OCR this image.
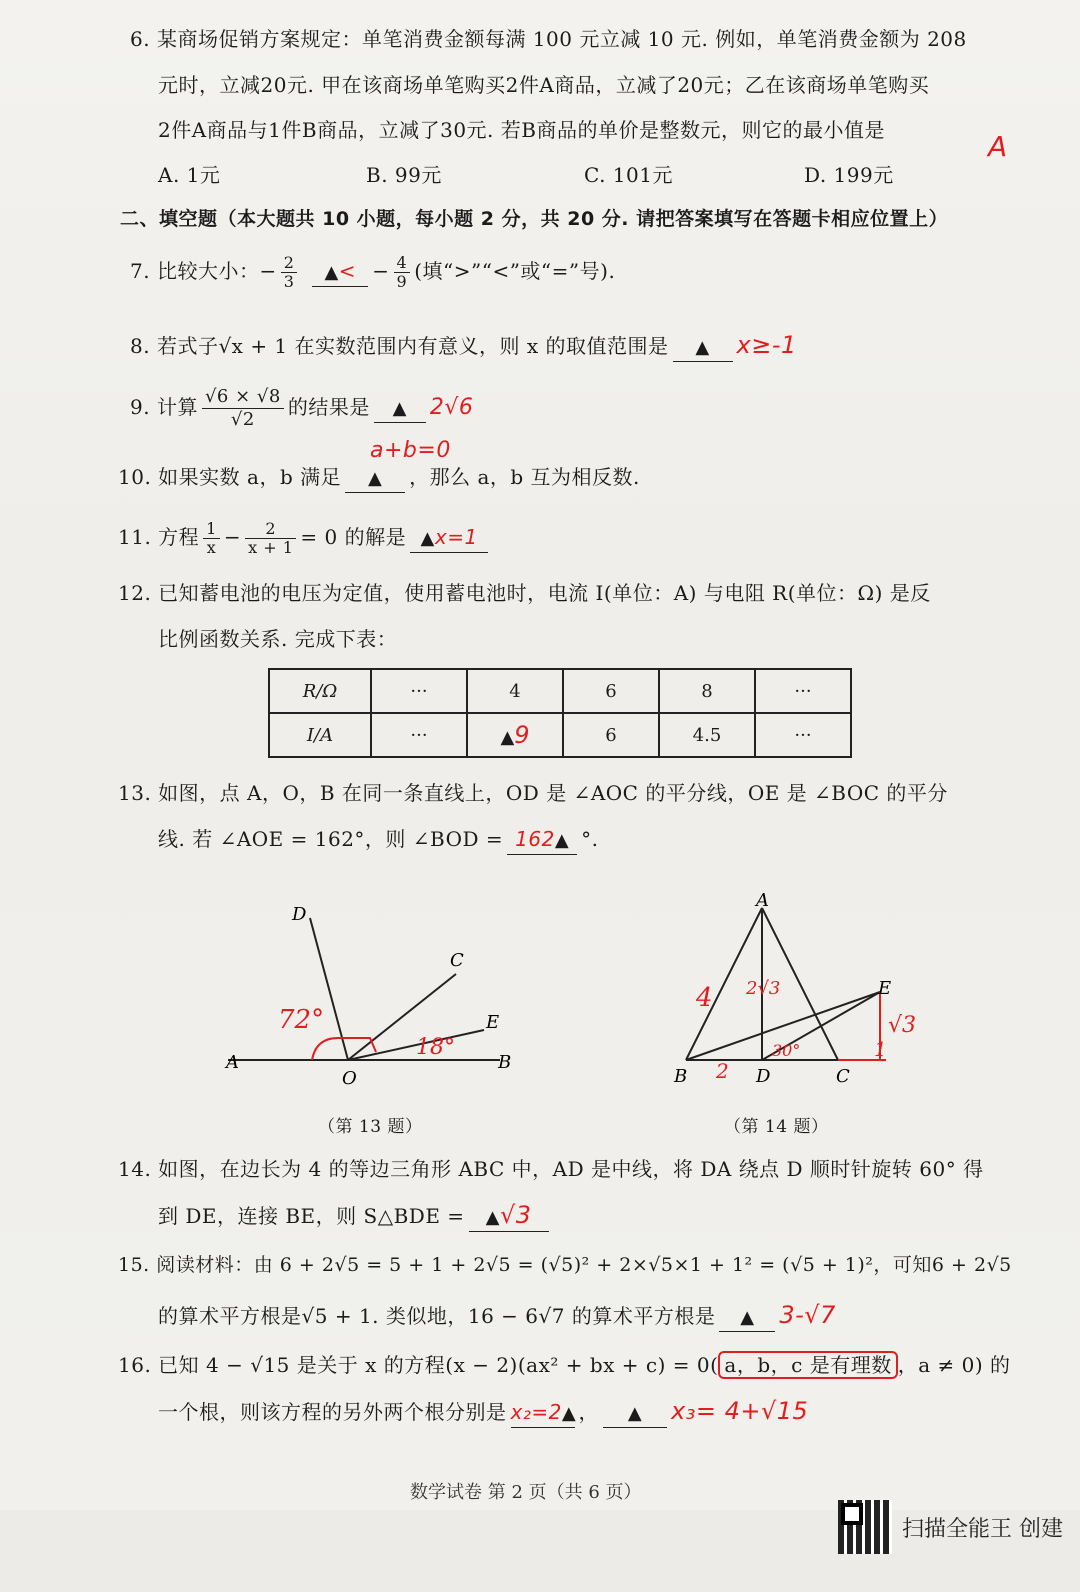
6. 某商场促销方案规定：单笔消费金额每满 100 元立减 10 元. 例如，单笔消费金额为 208
元时，立减20元. 甲在该商场单笔购买2件A商品，立减了20元；乙在该商场单笔购买
2件A商品与1件B商品，立减了30元. 若B商品的单价是整数元，则它的最小值是	A
A. 1元	B. 99元	C. 101元	D. 199元
二、填空题（本大题共 10 小题，每小题 2 分，共 20 分. 请把答案填写在答题卡相应位置上）
7. 比较大小：− $\frac{2}{3}$ ▲< − $\frac{4}{9}$ (填“>”“<”或“=”号).
8. 若式子√x + 1 在实数范围内有意义，则 x 的取值范围是 ▲ x≥-1
9. 计算 $\frac{√6 \times √8}{√2}$ 的结果是 ▲ 2√6
a+b=0
10. 如果实数 a，b 满足 ▲ ，那么 a，b 互为相反数.
11. 方程 $\frac{1}{x} - \frac{2}{x + 1} = 0$ 的解是 ▲x=1
12. 已知蓄电池的电压为定值，使用蓄电池时，电流 I(单位：A) 与电阻 R(单位：Ω) 是反
比例函数关系. 完成下表：
R/Ω	···	4	6	8	···
I/A	···	▲9	6	4.5	···
13. 如图，点 A，O，B 在同一条直线上，OD 是 ∠AOC 的平分线，OE 是 ∠BOC 的平分
线. 若 ∠AOE = 162°，则 ∠BOD = 162▲ °.
D
C
E
A
O
B
72°
18°
（第 13 题）
A
E
B	D	C
4 2√3
30°
√3
1
2
（第 14 题）
14. 如图，在边长为 4 的等边三角形 ABC 中，AD 是中线，将 DA 绕点 D 顺时针旋转 60° 得
到 DE，连接 BE，则 S△BDE = ▲√3
15. 阅读材料：由 6 + 2√5 = 5 + 1 + 2√5 = (√5)² + 2×√5×1 + 1² = (√5 + 1)²，可知6 + 2√5
的算术平方根是√5 + 1. 类似地，16 − 6√7 的算术平方根是 ▲ 3-√7
16. 已知 4 − √15 是关于 x 的方程(x − 2)(ax² + bx + c) = 0( a，b，c 是有理数 ，a ≠ 0) 的
一个根，则该方程的另外两个根分别是 x₂=2▲ ， ▲ x₃= 4+√15
数学试卷 第 2 页（共 6 页）
扫描全能王 创建
